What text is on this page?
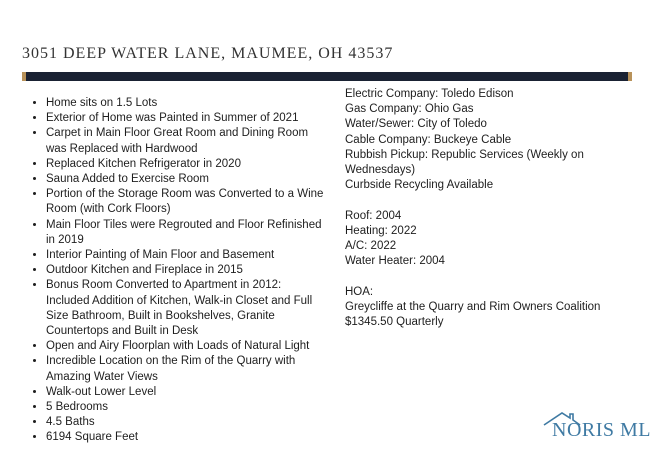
3051 DEEP WATER LANE, MAUMEE, OH 43537
• Home sits on 1.5 Lots
• Exterior of Home was Painted in Summer of 2021
• Carpet in Main Floor Great Room and Dining Room was Replaced with Hardwood
• Replaced Kitchen Refrigerator in 2020
• Sauna Added to Exercise Room
• Portion of the Storage Room was Converted to a Wine Room (with Cork Floors)
• Main Floor Tiles were Regrouted and Floor Refinished in 2019
• Interior Painting of Main Floor and Basement
• Outdoor Kitchen and Fireplace in 2015
• Bonus Room Converted to Apartment in 2012: Included Addition of Kitchen, Walk-in Closet and Full Size Bathroom, Built in Bookshelves, Granite Countertops and Built in Desk
• Open and Airy Floorplan with Loads of Natural Light
• Incredible Location on the Rim of the Quarry with Amazing Water Views
• Walk-out Lower Level
• 5 Bedrooms
• 4.5 Baths
• 6194 Square Feet
Electric Company: Toledo Edison
Gas Company: Ohio Gas
Water/Sewer: City of Toledo
Cable Company: Buckeye Cable
Rubbish Pickup: Republic Services (Weekly on Wednesdays)
Curbside Recycling Available
Roof: 2004
Heating: 2022
A/C: 2022
Water Heater: 2004
HOA:
Greycliffe at the Quarry and Rim Owners Coalition
$1345.50 Quarterly
NORIS ML
